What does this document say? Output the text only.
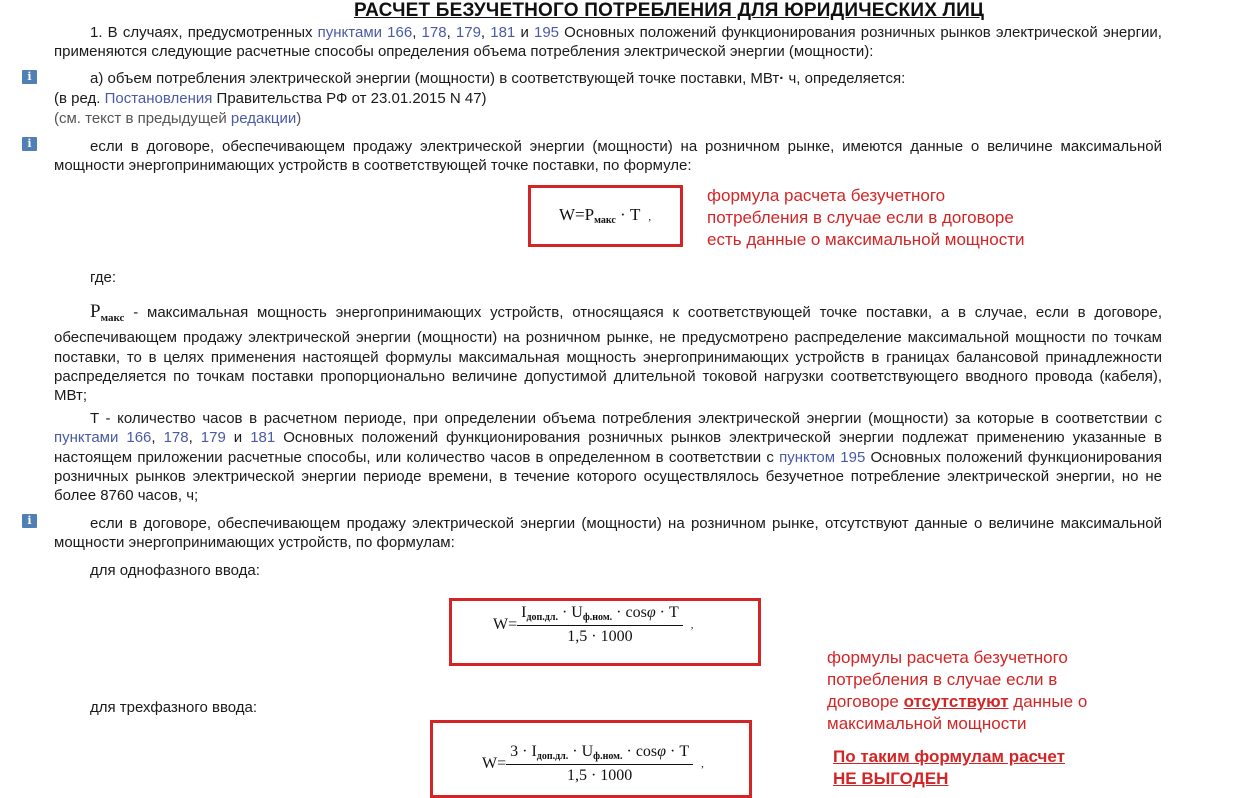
РАСЧЕТ БЕЗУЧЕТНОГО ПОТРЕБЛЕНИЯ ДЛЯ ЮРИДИЧЕСКИХ ЛИЦ
1. В случаях, предусмотренных пунктами 166, 178, 179, 181 и 195 Основных положений функционирования розничных рынков электрической энергии, применяются следующие расчетные способы определения объема потребления электрической энергии (мощности):
i	а) объем потребления электрической энергии (мощности) в соответствующей точке поставки, МВт· ч, определяется:
(в ред. Постановления Правительства РФ от 23.01.2015 N 47)
(см. текст в предыдущей редакции)
i	если в договоре, обеспечивающем продажу электрической энергии (мощности) на розничном рынке, имеются данные о величине максимальной мощности энергопринимающих устройств в соответствующей точке поставки, по формуле:
$W=P_{макс} \cdot T$ ,
формула расчета безучетного
потребления в случае если в договоре
есть данные о максимальной мощности
где:
$P_{макс}$ - максимальная мощность энергопринимающих устройств, относящаяся к соответствующей точке поставки, а в случае, если в договоре, обеспечивающем продажу электрической энергии (мощности) на розничном рынке, не предусмотрено распределение максимальной мощности по точкам поставки, то в целях применения настоящей формулы максимальная мощность энергопринимающих устройств в границах балансовой принадлежности распределяется по точкам поставки пропорционально величине допустимой длительной токовой нагрузки соответствующего вводного провода (кабеля), МВт;
T - количество часов в расчетном периоде, при определении объема потребления электрической энергии (мощности) за которые в соответствии с пунктами 166, 178, 179 и 181 Основных положений функционирования розничных рынков электрической энергии подлежат применению указанные в настоящем приложении расчетные способы, или количество часов в определенном в соответствии с пунктом 195 Основных положений функционирования розничных рынков электрической энергии периоде времени, в течение которого осуществлялось безучетное потребление электрической энергии, но не более 8760 часов, ч;
i	если в договоре, обеспечивающем продажу электрической энергии (мощности) на розничном рынке, отсутствуют данные о величине максимальной мощности энергопринимающих устройств, по формулам:
для однофазного ввода:
$W= \frac{I_{доп.дл.} \cdot U_{ф.ном.} \cdot \cos\varphi \cdot T}{1,5 \cdot 1000}$ ,
для трехфазного ввода:
$W= \frac{3 \cdot I_{доп.дл.} \cdot U_{ф.ном.} \cdot \cos\varphi \cdot T}{1,5 \cdot 1000}$ ,
формулы расчета безучетного
потребления в случае если в
договоре отсутствуют данные о
максимальной мощности
По таким формулам расчет
НЕ ВЫГОДЕН
